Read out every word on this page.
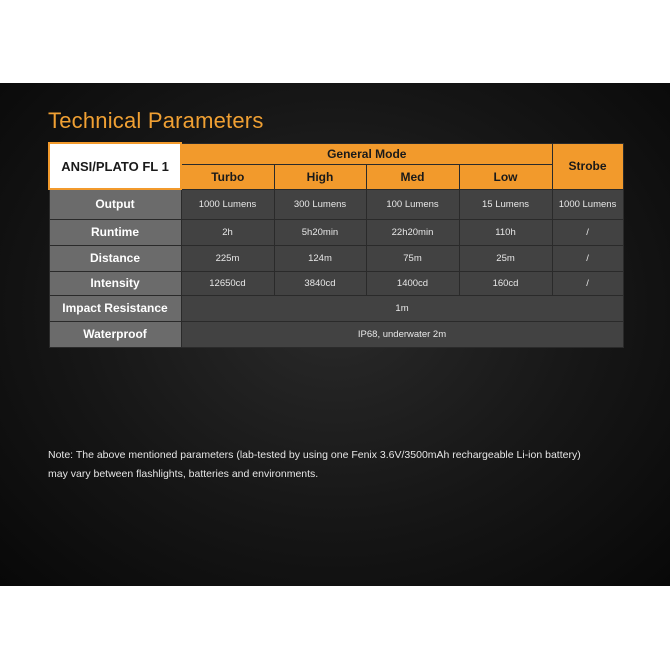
Technical Parameters
ANSI/PLATO FL 1	General Mode				Strobe
	Turbo	High	Med	Low	
Output	1000 Lumens	300 Lumens	100 Lumens	15 Lumens	1000 Lumens
Runtime	2h	5h20min	22h20min	110h	/
Distance	225m	124m	75m	25m	/
Intensity	12650cd	3840cd	1400cd	160cd	/
Impact Resistance	1m				
Waterproof	IP68, underwater 2m				

Note: The above mentioned parameters (lab-tested by using one Fenix 3.6V/3500mAh rechargeable Li-ion battery)
may vary between flashlights, batteries and environments.
